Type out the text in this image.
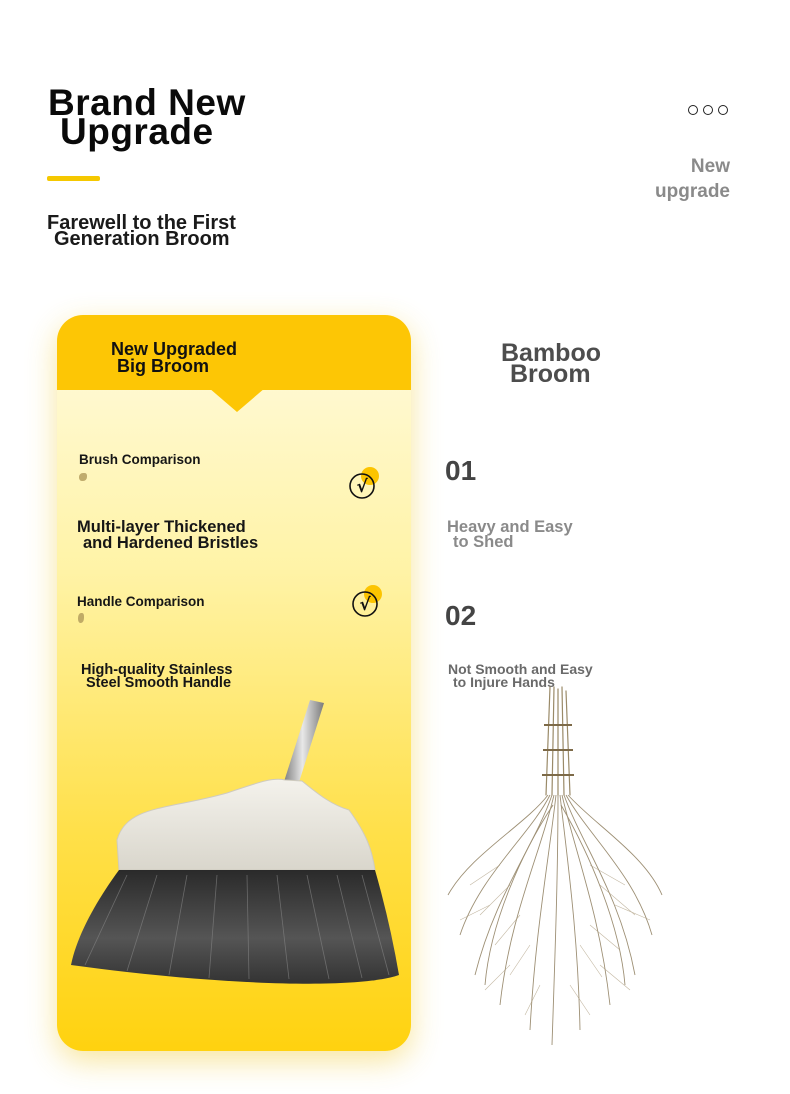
Brand New
Upgrade
Farewell to the First
Generation Broom
New
upgrade
New Upgraded
Big Broom
Brush Comparison
√
Multi-layer Thickened
and Hardened Bristles
Handle Comparison	√
High-quality Stainless
Steel Smooth Handle
Bamboo
Broom
01
Heavy and Easy
to Shed
02
Not Smooth and Easy
to Injure Hands
